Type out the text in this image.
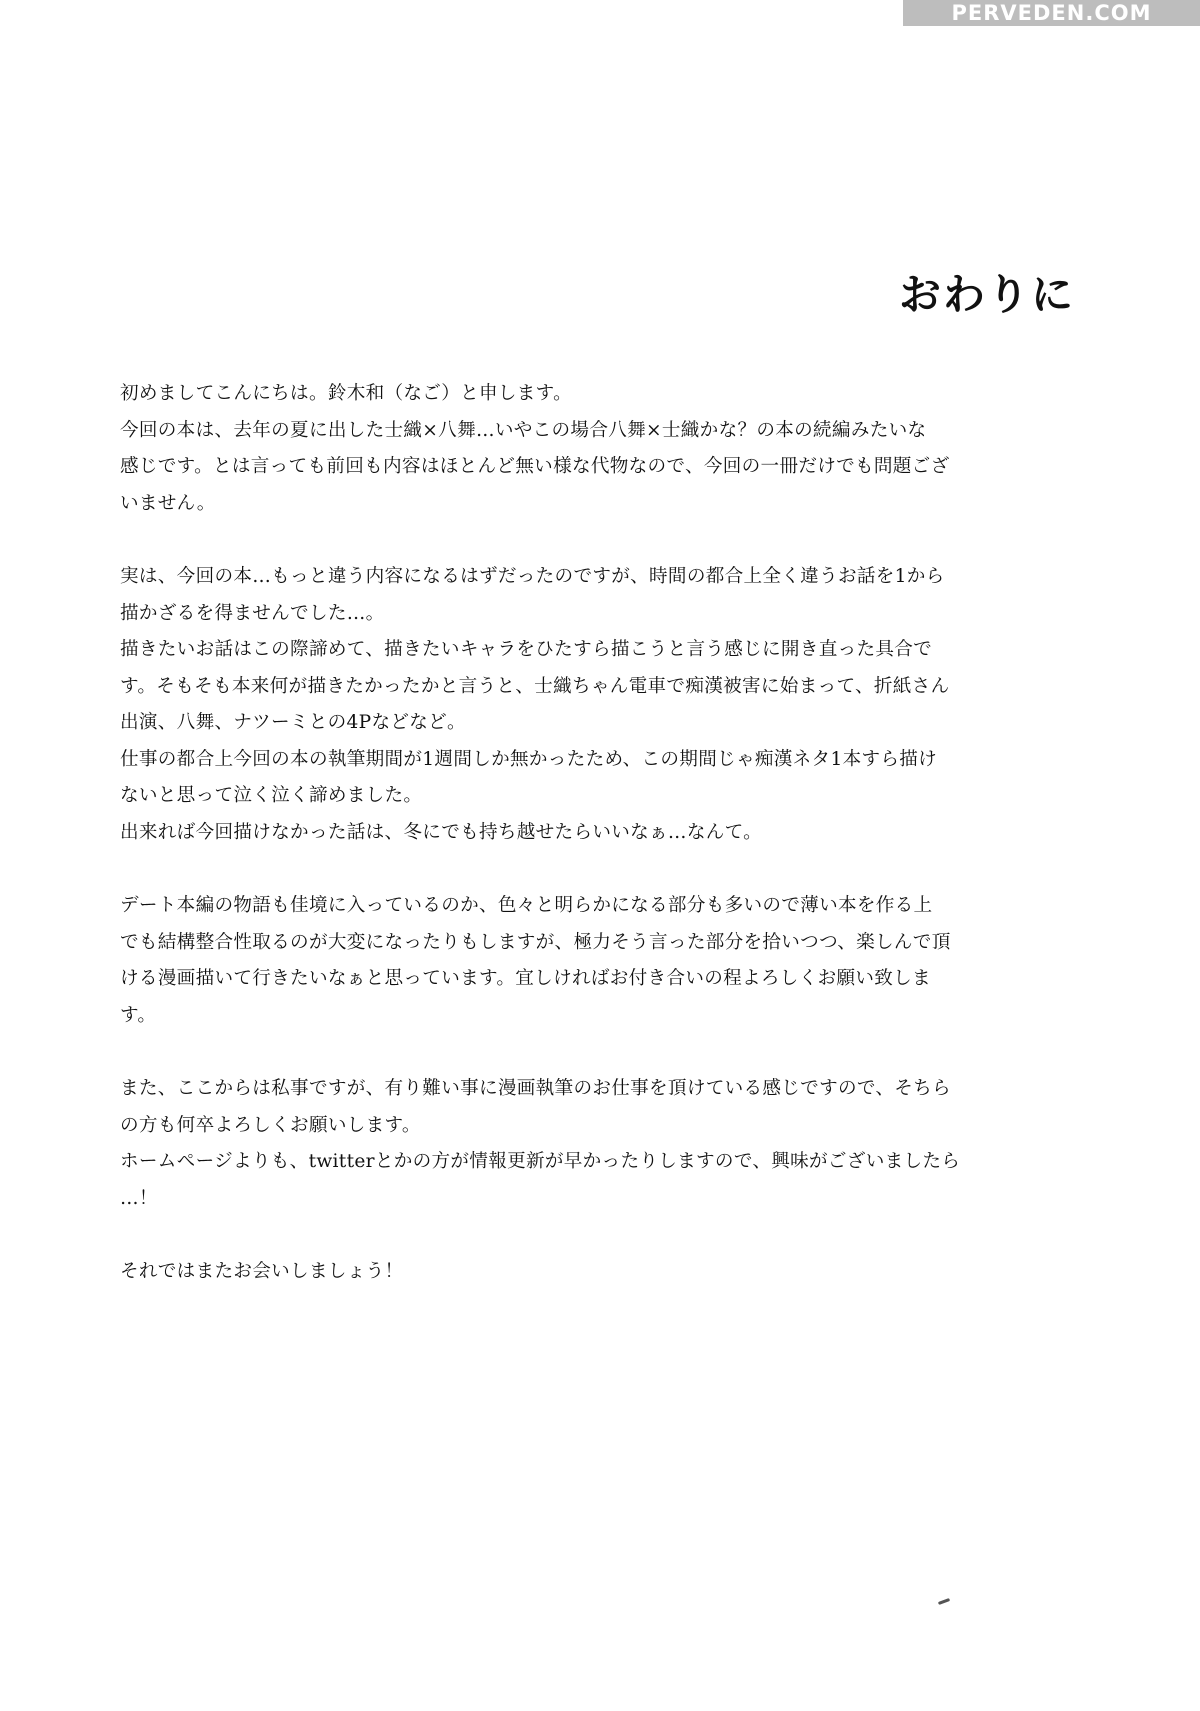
PERVEDEN.COM
おわりに
初めましてこんにちは。鈴木和（なご）と申します。
今回の本は、去年の夏に出した士織×八舞…いやこの場合八舞×士織かな？の本の続編みたいな
感じです。とは言っても前回も内容はほとんど無い様な代物なので、今回の一冊だけでも問題ござ
いません。
実は、今回の本…もっと違う内容になるはずだったのですが、時間の都合上全く違うお話を1から
描かざるを得ませんでした…。
描きたいお話はこの際諦めて、描きたいキャラをひたすら描こうと言う感じに開き直った具合で
す。そもそも本来何が描きたかったかと言うと、士織ちゃん電車で痴漢被害に始まって、折紙さん
出演、八舞、ナツーミとの4Pなどなど。
仕事の都合上今回の本の執筆期間が1週間しか無かったため、この期間じゃ痴漢ネタ1本すら描け
ないと思って泣く泣く諦めました。
出来れば今回描けなかった話は、冬にでも持ち越せたらいいなぁ…なんて。
デート本編の物語も佳境に入っているのか、色々と明らかになる部分も多いので薄い本を作る上
でも結構整合性取るのが大変になったりもしますが、極力そう言った部分を拾いつつ、楽しんで頂
ける漫画描いて行きたいなぁと思っています。宜しければお付き合いの程よろしくお願い致しま
す。
また、ここからは私事ですが、有り難い事に漫画執筆のお仕事を頂けている感じですので、そちら
の方も何卒よろしくお願いします。
ホームページよりも、twitterとかの方が情報更新が早かったりしますので、興味がございましたら
…！
それではまたお会いしましょう！
